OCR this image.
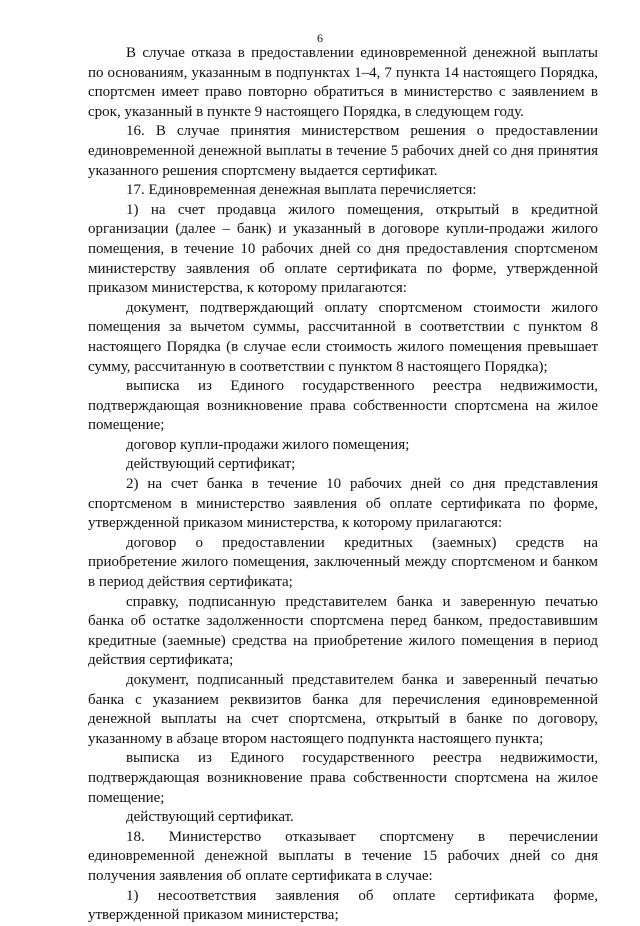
6

В случае отказа в предоставлении единовременной денежной выплаты по основаниям, указанным в подпунктах 1–4, 7 пункта 14 настоящего Порядка, спортсмен имеет право повторно обратиться в министерство с заявлением в срок, указанный в пункте 9 настоящего Порядка, в следующем году.

16. В случае принятия министерством решения о предоставлении единовременной денежной выплаты в течение 5 рабочих дней со дня принятия указанного решения спортсмену выдается сертификат.

17. Единовременная денежная выплата перечисляется:

1) на счет продавца жилого помещения, открытый в кредитной организации (далее – банк) и указанный в договоре купли-продажи жилого помещения, в течение 10 рабочих дней со дня предоставления спортсменом министерству заявления об оплате сертификата по форме, утвержденной приказом министерства, к которому прилагаются:

документ, подтверждающий оплату спортсменом стоимости жилого помещения за вычетом суммы, рассчитанной в соответствии с пунктом 8 настоящего Порядка (в случае если стоимость жилого помещения превышает сумму, рассчитанную в соответствии с пунктом 8 настоящего Порядка);

выписка из Единого государственного реестра недвижимости, подтверждающая возникновение права собственности спортсмена на жилое помещение;

договор купли-продажи жилого помещения;

действующий сертификат;

2) на счет банка в течение 10 рабочих дней со дня представления спортсменом в министерство заявления об оплате сертификата по форме, утвержденной приказом министерства, к которому прилагаются:

договор о предоставлении кредитных (заемных) средств на приобретение жилого помещения, заключенный между спортсменом и банком в период действия сертификата;

справку, подписанную представителем банка и заверенную печатью банка об остатке задолженности спортсмена перед банком, предоставившим кредитные (заемные) средства на приобретение жилого помещения в период действия сертификата;

документ, подписанный представителем банка и заверенный печатью банка с указанием реквизитов банка для перечисления единовременной денежной выплаты на счет спортсмена, открытый в банке по договору, указанному в абзаце втором настоящего подпункта настоящего пункта;

выписка из Единого государственного реестра недвижимости, подтверждающая возникновение права собственности спортсмена на жилое помещение;

действующий сертификат.

18. Министерство отказывает спортсмену в перечислении единовременной денежной выплаты в течение 15 рабочих дней со дня получения заявления об оплате сертификата в случае:

1) несоответствия заявления об оплате сертификата форме, утвержденной приказом министерства;
